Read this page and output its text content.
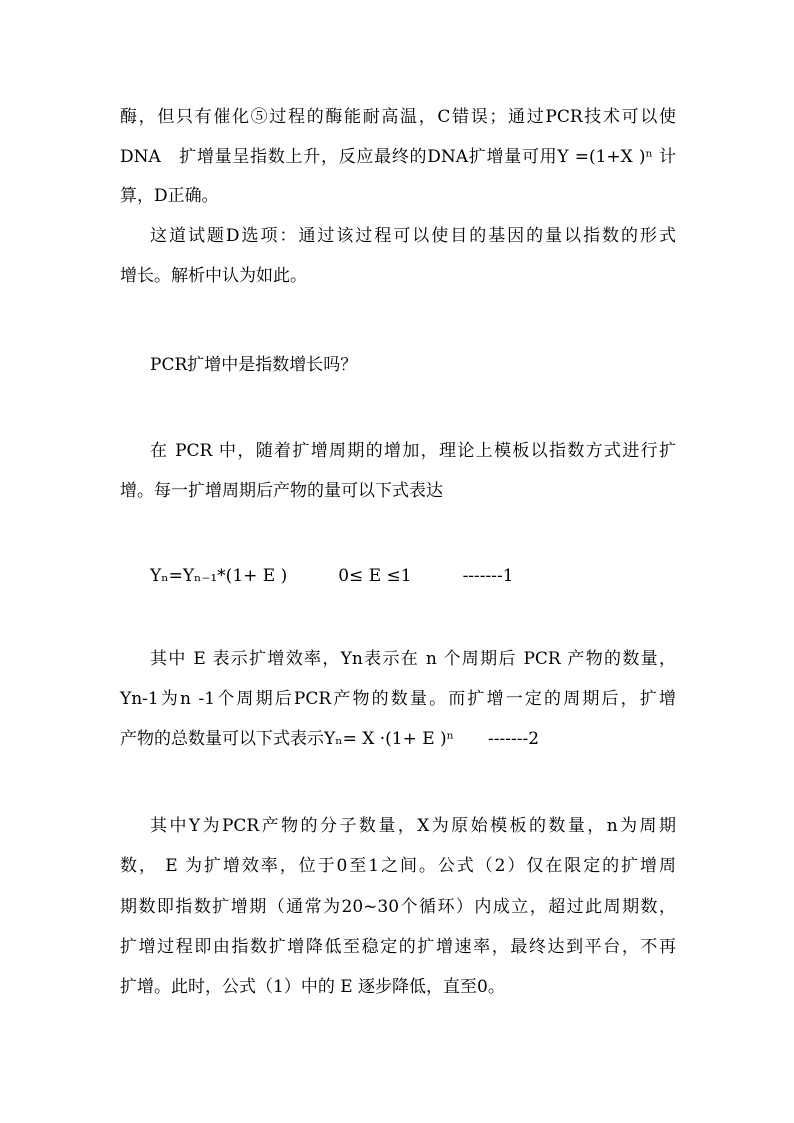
酶，但只有催化⑤过程的酶能耐高温，C错误；通过PCR技术可以使
DNA　扩增量呈指数上升，反应最终的DNA扩增量可用Y =(1+X )ⁿ 计
算，D正确。
这道试题D选项：通过该过程可以使目的基因的量以指数的形式
增长。解析中认为如此。
PCR扩增中是指数增长吗？
在 PCR 中，随着扩增周期的增加，理论上模板以指数方式进行扩
增。每一扩增周期后产物的量可以下式表达
Yₙ=Yₙ₋₁*(1+ E )　　　0≤ E ≤1　　　-------1
其中 E 表示扩增效率，Yn表示在 n 个周期后 PCR 产物的数量，
Yn-1为n -1个周期后PCR产物的数量。而扩增一定的周期后，扩增
产物的总数量可以下式表示Yₙ= X ·(1+ E )ⁿ　　-------2
其中Y为PCR产物的分子数量，X为原始模板的数量，n为周期
数， E 为扩增效率，位于0至1之间。公式（2）仅在限定的扩增周
期数即指数扩增期（通常为20~30个循环）内成立，超过此周期数，
扩增过程即由指数扩增降低至稳定的扩增速率，最终达到平台，不再
扩增。此时，公式（1）中的 E 逐步降低，直至0。
